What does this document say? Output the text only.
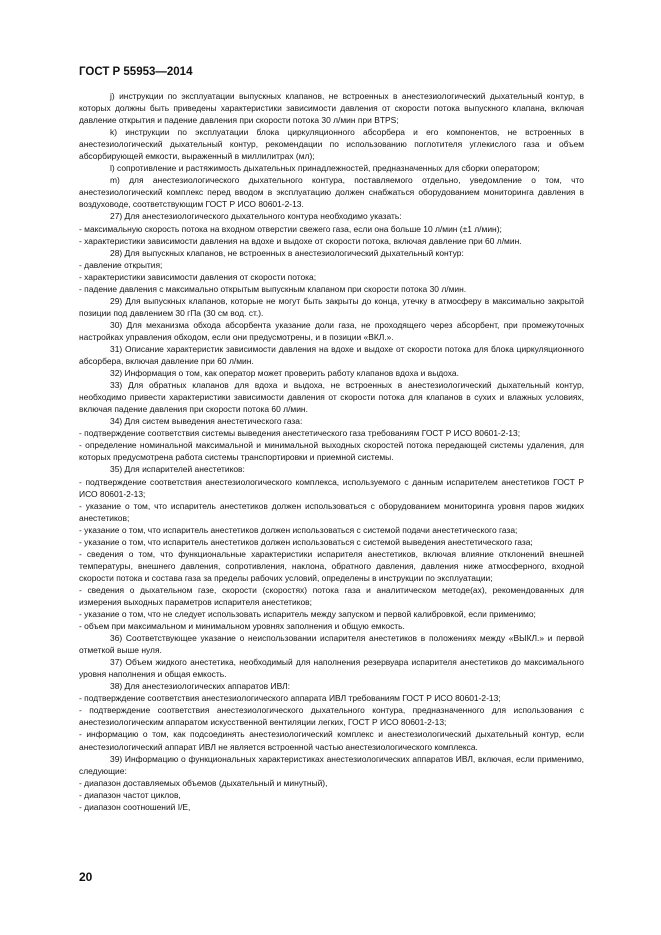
ГОСТ Р 55953—2014

j) инструкции по эксплуатации выпускных клапанов, не встроенных в анестезиологический дыхательный контур, в которых должны быть приведены характеристики зависимости давления от скорости потока выпускного клапана, включая давление открытия и падение давления при скорости потока 30 л/мин при BTPS;

k) инструкции по эксплуатации блока циркуляционного абсорбера и его компонентов, не встроенных в анестезиологический дыхательный контур, рекомендации по использованию поглотителя углекислого газа и объем абсорбирующей емкости, выраженный в миллилитрах (мл);

l) сопротивление и растяжимость дыхательных принадлежностей, предназначенных для сборки оператором;

m) для анестезиологического дыхательного контура, поставляемого отдельно, уведомление о том, что анестезиологический комплекс перед вводом в эксплуатацию должен снабжаться оборудованием мониторинга давления в воздуховоде, соответствующим ГОСТ Р ИСО 80601-2-13.

27) Для анестезиологического дыхательного контура необходимо указать:

- максимальную скорость потока на входном отверстии свежего газа, если она больше 10 л/мин (±1 л/мин);

- характеристики зависимости давления на вдохе и выдохе от скорости потока, включая давление при 60 л/мин.

28) Для выпускных клапанов, не встроенных в анестезиологический дыхательный контур:

- давление открытия;

- характеристики зависимости давления от скорости потока;

- падение давления с максимально открытым выпускным клапаном при скорости потока 30 л/мин.

29) Для выпускных клапанов, которые не могут быть закрыты до конца, утечку в атмосферу в максимально закрытой позиции под давлением 30 гПа (30 см вод. ст.).

30) Для механизма обхода абсорбента указание доли газа, не проходящего через абсорбент, при промежуточных настройках управления обходом, если они предусмотрены, и в позиции «ВКЛ.».

31) Описание характеристик зависимости давления на вдохе и выдохе от скорости потока для блока циркуляционного абсорбера, включая давление при 60 л/мин.

32) Информация о том, как оператор может проверить работу клапанов вдоха и выдоха.

33) Для обратных клапанов для вдоха и выдоха, не встроенных в анестезиологический дыхательный контур, необходимо привести характеристики зависимости давления от скорости потока для клапанов в сухих и влажных условиях, включая падение давления при скорости потока 60 л/мин.

34) Для систем выведения анестетического газа:

- подтверждение соответствия системы выведения анестетического газа требованиям ГОСТ Р ИСО 80601-2-13;

- определение номинальной максимальной и минимальной выходных скоростей потока передающей системы удаления, для которых предусмотрена работа системы транспортировки и приемной системы.

35) Для испарителей анестетиков:

- подтверждение соответствия анестезиологического комплекса, используемого с данным испарителем анестетиков ГОСТ Р ИСО 80601-2-13;

- указание о том, что испаритель анестетиков должен использоваться с оборудованием мониторинга уровня паров жидких анестетиков;

- указание о том, что испаритель анестетиков должен использоваться с системой подачи анестетического газа;

- указание о том, что испаритель анестетиков должен использоваться с системой выведения анестетического газа;

- сведения о том, что функциональные характеристики испарителя анестетиков, включая влияние отклонений внешней температуры, внешнего давления, сопротивления, наклона, обратного давления, давления ниже атмосферного, входной скорости потока и состава газа за пределы рабочих условий, определены в инструкции по эксплуатации;

- сведения о дыхательном газе, скорости (скоростях) потока газа и аналитическом методе(ах), рекомендованных для измерения выходных параметров испарителя анестетиков;

- указание о том, что не следует использовать испаритель между запуском и первой калибровкой, если применимо;

- объем при максимальном и минимальном уровнях заполнения и общую емкость.

36) Соответствующее указание о неиспользовании испарителя анестетиков в положениях между «ВЫКЛ.» и первой отметкой выше нуля.

37) Объем жидкого анестетика, необходимый для наполнения резервуара испарителя анестетиков до максимального уровня наполнения и общая емкость.

38) Для анестезиологических аппаратов ИВЛ:

- подтверждение соответствия анестезиологического аппарата ИВЛ требованиям ГОСТ Р ИСО 80601-2-13;

- подтверждение соответствия анестезиологического дыхательного контура, предназначенного для использования с анестезиологическим аппаратом искусственной вентиляции легких, ГОСТ Р ИСО 80601-2-13;

- информацию о том, как подсоединять анестезиологический комплекс и анестезиологический дыхательный контур, если анестезиологический аппарат ИВЛ не является встроенной частью анестезиологического комплекса.

39) Информацию о функциональных характеристиках анестезиологических аппаратов ИВЛ, включая, если применимо, следующие:

- диапазон доставляемых объемов (дыхательный и минутный),

- диапазон частот циклов,

- диапазон соотношений I/E,

20
